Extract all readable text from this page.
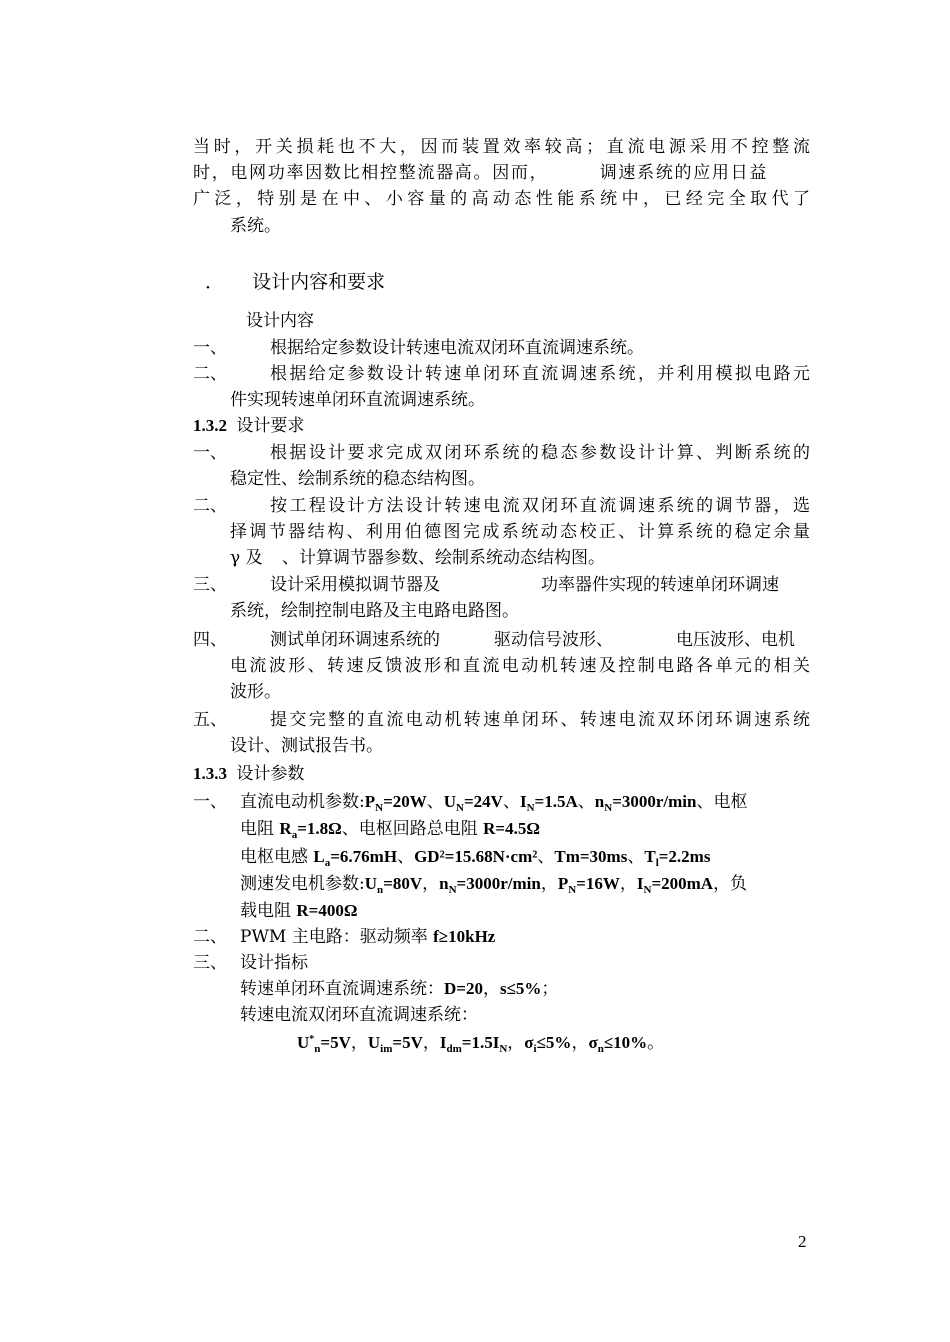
当时，开关损耗也不大，因而装置效率较高；直流电源采用不控整流
时，电网功率因数比相控整流器高。因而，	调速系统的应用日益
广泛，特别是在中、小容量的高动态性能系统中，已经完全取代了
系统。
． 设计内容和要求
设计内容
一、	根据给定参数设计转速电流双闭环直流调速系统。
二、	根据给定参数设计转速单闭环直流调速系统，并利用模拟电路元
件实现转速单闭环直流调速系统。
1.3.2 设计要求
一、	根据设计要求完成双闭环系统的稳态参数设计计算、判断系统的
稳定性、绘制系统的稳态结构图。
二、	按工程设计方法设计转速电流双闭环直流调速系统的调节器，选
择调节器结构、利用伯德图完成系统动态校正、计算系统的稳定余量
γ 及 、计算调节器参数、绘制系统动态结构图。
三、	设计采用模拟调节器及	功率器件实现的转速单闭环调速
系统，绘制控制电路及主电路电路图。
四、	测试单闭环调速系统的	驱动信号波形、	电压波形、电机
电流波形、转速反馈波形和直流电动机转速及控制电路各单元的相关
波形。
五、	提交完整的直流电动机转速单闭环、转速电流双环闭环调速系统
设计、测试报告书。
1.3.3 设计参数
一、 直流电动机参数$:P_N=20W$、$U_N=24V$、$I_N=1.5A$、$n_N=3000r/\min$、电枢
电阻 $R_a=1.8\Omega$、电枢回路总电阻 R=4.5Ω
电枢电感 $L_a=6.76mH$、GD²=15.68N·cm²、Tm=30ms、$T_l=2.2ms$
测速发电机参数$:U_n=80V$，$n_N=3000r/\min$，$P_N=16W$，$I_N=200mA$，负
载电阻 R=400Ω
二、 PWM 主电路：驱动频率 f≥10kHz
三、 设计指标
转速单闭环直流调速系统：D=20，s≤5%；
转速电流双闭环直流调速系统：
$U^*_n=5V$，$U_{im}=5V$，$I_{dm}=1.5I_N$，$\sigma_i\le 5\%$，$\sigma_n\le 10\%$。
2
